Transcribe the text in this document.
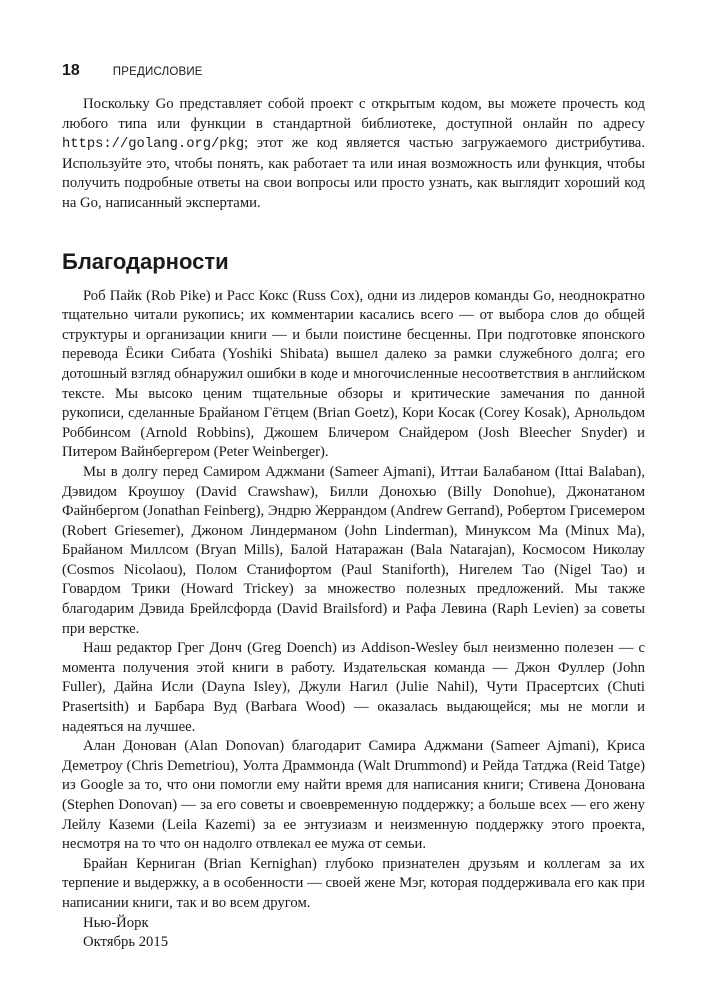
18	ПРЕДИСЛОВИЕ

Поскольку Go представляет собой проект с открытым кодом, вы можете прочесть код любого типа или функции в стандартной библиотеке, доступной онлайн по адресу https://golang.org/pkg; этот же код является частью загружаемого дистрибутива. Используйте это, чтобы понять, как работает та или иная возможность или функция, чтобы получить подробные ответы на свои вопросы или просто узнать, как выглядит хороший код на Go, написанный экспертами.

Благодарности

Роб Пайк (Rob Pike) и Расс Кокс (Russ Cox), одни из лидеров команды Go, неоднократно тщательно читали рукопись; их комментарии касались всего — от выбора слов до общей структуры и организации книги — и были поистине бесценны. При подготовке японского перевода Ёсики Сибата (Yoshiki Shibata) вышел далеко за рамки служебного долга; его дотошный взгляд обнаружил ошибки в коде и многочисленные несоответствия в английском тексте. Мы высоко ценим тщательные обзоры и критические замечания по данной рукописи, сделанные Брайаном Гётцем (Brian Goetz), Кори Косак (Corey Kosak), Арнольдом Роббинсом (Arnold Robbins), Джошем Бличером Снайдером (Josh Bleecher Snyder) и Питером Вайнбергером (Peter Weinberger).

Мы в долгу перед Самиром Аджмани (Sameer Ajmani), Иттаи Балабаном (Ittai Balaban), Дэвидом Кроушоу (David Crawshaw), Билли Донохью (Billy Donohue), Джонатаном Файнбергом (Jonathan Feinberg), Эндрю Жеррандом (Andrew Gerrand), Робертом Грисемером (Robert Griesemer), Джоном Линдерманом (John Linderman), Минуксом Ма (Minux Ma), Брайаном Миллсом (Bryan Mills), Балой Натаражан (Bala Natarajan), Космосом Николау (Cosmos Nicolaou), Полом Станифортом (Paul Staniforth), Нигелем Тао (Nigel Tao) и Говардом Трики (Howard Trickey) за множество полезных предложений. Мы также благодарим Дэвида Брейлсфорда (David Brailsford) и Рафа Левина (Raph Levien) за советы при верстке.

Наш редактор Грег Донч (Greg Doench) из Addison-Wesley был неизменно полезен — с момента получения этой книги в работу. Издательская команда — Джон Фуллер (John Fuller), Дайна Исли (Dayna Isley), Джули Нагил (Julie Nahil), Чути Прасертсих (Chuti Prasertsith) и Барбара Вуд (Barbara Wood) — оказалась выдающейся; мы не могли и надеяться на лучшее.

Алан Донован (Alan Donovan) благодарит Самира Аджмани (Sameer Ajmani), Криса Деметроу (Chris Demetriou), Уолта Драммонда (Walt Drummond) и Рейда Татджа (Reid Tatge) из Google за то, что они помогли ему найти время для написания книги; Стивена Донована (Stephen Donovan) — за его советы и своевременную поддержку; а больше всех — его жену Лейлу Каземи (Leila Kazemi) за ее энтузиазм и неизменную поддержку этого проекта, несмотря на то что он надолго отвлекал ее мужа от семьи.

Брайан Керниган (Brian Kernighan) глубоко признателен друзьям и коллегам за их терпение и выдержку, а в особенности — своей жене Мэг, которая поддерживала его как при написании книги, так и во всем другом.

Нью-Йорк

Октябрь 2015
